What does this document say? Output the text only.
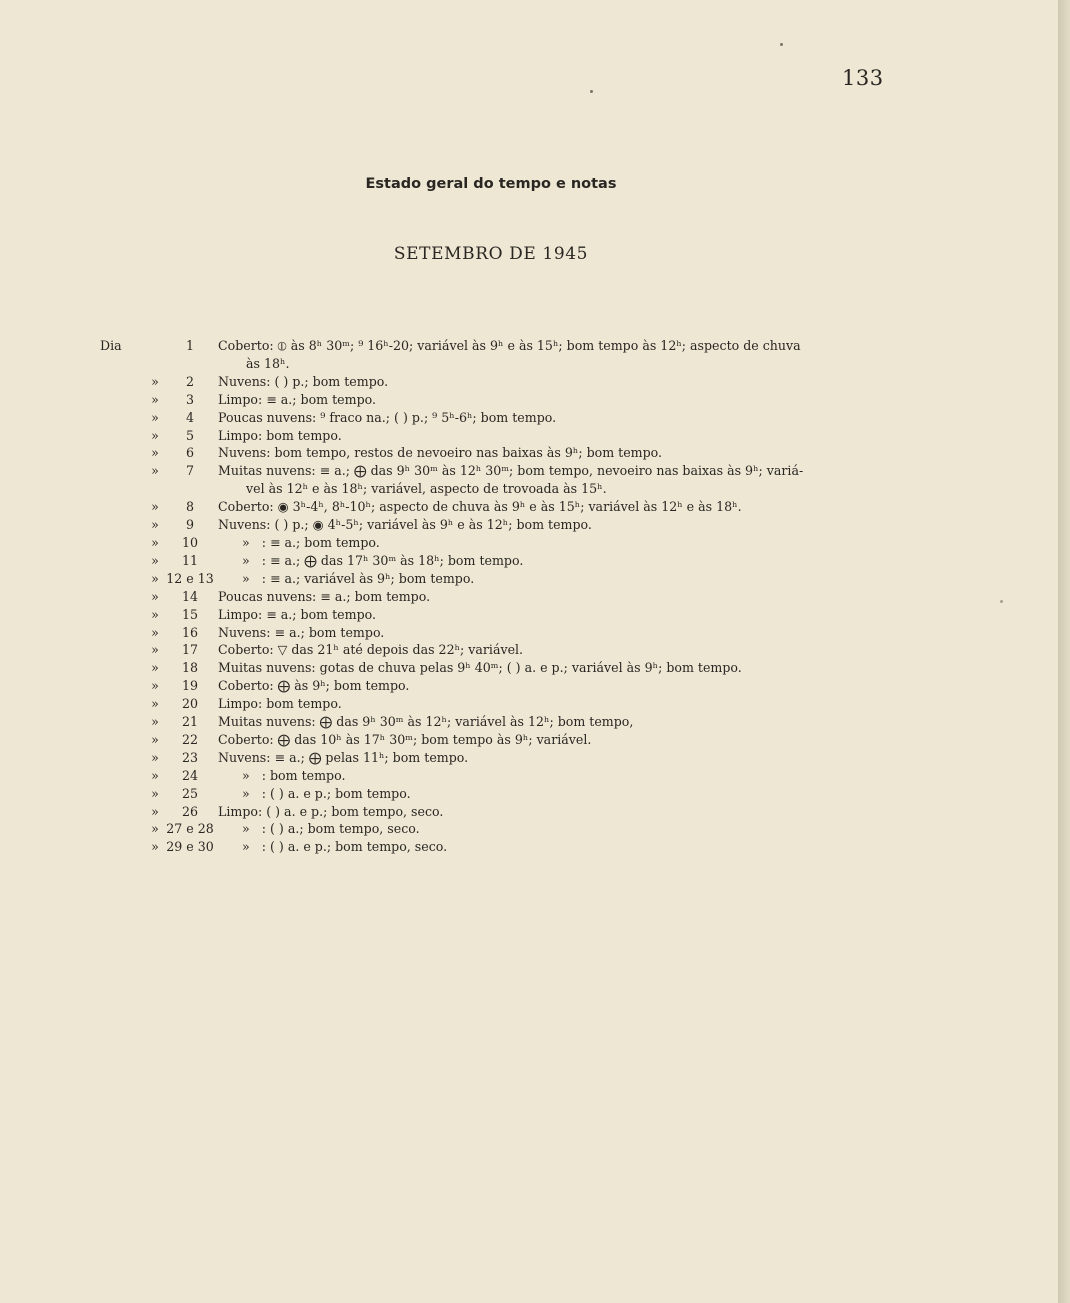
133
Estado geral do tempo e notas
SETEMBRO DE 1945
Dia	1	Coberto: ⦶ às 8ʰ 30ᵐ; ⁹ 16ʰ-20; variável às 9ʰ e às 15ʰ; bom tempo às 12ʰ; aspecto de chuva
às 18ʰ.
»	2	Nuvens: ( ) p.; bom tempo.
»	3	Limpo: ≡ a.; bom tempo.
»	4	Poucas nuvens: ⁹ fraco na.; ( ) p.; ⁹ 5ʰ-6ʰ; bom tempo.
»	5	Limpo: bom tempo.
»	6	Nuvens: bom tempo, restos de nevoeiro nas baixas às 9ʰ; bom tempo.
»	7	Muitas nuvens: ≡ a.; ⨁ das 9ʰ 30ᵐ às 12ʰ 30ᵐ; bom tempo, nevoeiro nas baixas às 9ʰ; variá-
vel às 12ʰ e às 18ʰ; variável, aspecto de trovoada às 15ʰ.
»	8	Coberto: ◉ 3ʰ-4ʰ, 8ʰ-10ʰ; aspecto de chuva às 9ʰ e às 15ʰ; variável às 12ʰ e às 18ʰ.
»	9	Nuvens: ( ) p.; ◉ 4ʰ-5ʰ; variável às 9ʰ e às 12ʰ; bom tempo.
»	10	»   : ≡ a.; bom tempo.
»	11	»   : ≡ a.; ⨁ das 17ʰ 30ᵐ às 18ʰ; bom tempo.
» 12 e 13 »   : ≡ a.; variável às 9ʰ; bom tempo.
»	14	Poucas nuvens: ≡ a.; bom tempo.
»	15	Limpo: ≡ a.; bom tempo.
»	16	Nuvens: ≡ a.; bom tempo.
»	17	Coberto: ▽ das 21ʰ até depois das 22ʰ; variável.
»	18	Muitas nuvens: gotas de chuva pelas 9ʰ 40ᵐ; ( ) a. e p.; variável às 9ʰ; bom tempo.
»	19	Coberto: ⨁ às 9ʰ; bom tempo.
»	20	Limpo: bom tempo.
»	21	Muitas nuvens: ⨁ das 9ʰ 30ᵐ às 12ʰ; variável às 12ʰ; bom tempo,
»	22	Coberto: ⨁ das 10ʰ às 17ʰ 30ᵐ; bom tempo às 9ʰ; variável.
»	23	Nuvens: ≡ a.; ⨁ pelas 11ʰ; bom tempo.
»	24	»   : bom tempo.
»	25	»   : ( ) a. e p.; bom tempo.
»	26	Limpo: ( ) a. e p.; bom tempo, seco.
» 27 e 28 »   : ( ) a.; bom tempo, seco.
» 29 e 30 »   : ( ) a. e p.; bom tempo, seco.
